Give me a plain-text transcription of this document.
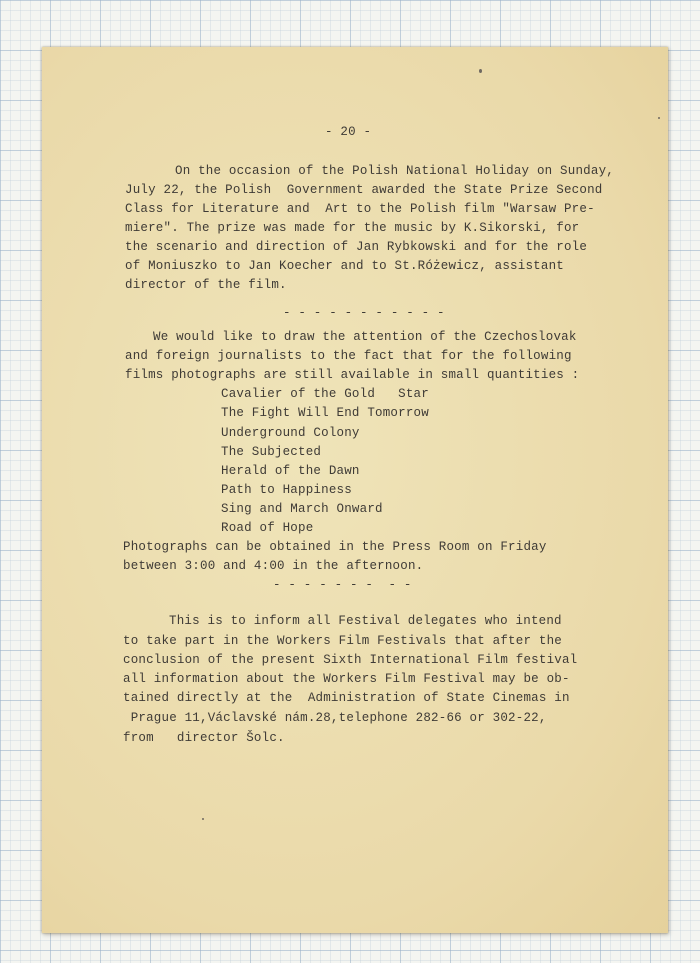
- 20 -
On the occasion of the Polish National Holiday on Sunday,
July 22, the Polish  Government awarded the State Prize Second
Class for Literature and  Art to the Polish film "Warsaw Pre-
miere". The prize was made for the music by K.Sikorski, for
the scenario and direction of Jan Rybkowski and for the role
of Moniuszko to Jan Koecher and to St.Różewicz, assistant
director of the film.
- - - - - - - - - - -
We would like to draw the attention of the Czechoslovak
and foreign journalists to the fact that for the following
films photographs are still available in small quantities :
Cavalier of the Gold   Star
The Fight Will End Tomorrow
Underground Colony
The Subjected
Herald of the Dawn
Path to Happiness
Sing and March Onward
Road of Hope
Photographs can be obtained in the Press Room on Friday
between 3:00 and 4:00 in the afternoon.
- - - - - - -  - -
This is to inform all Festival delegates who intend
to take part in the Workers Film Festivals that after the
conclusion of the present Sixth International Film festival
all information about the Workers Film Festival may be ob-
tained directly at the  Administration of State Cinemas in
Prague 11,Václavské nám.28,telephone 282-66 or 302-22,
from   director Šolc.
